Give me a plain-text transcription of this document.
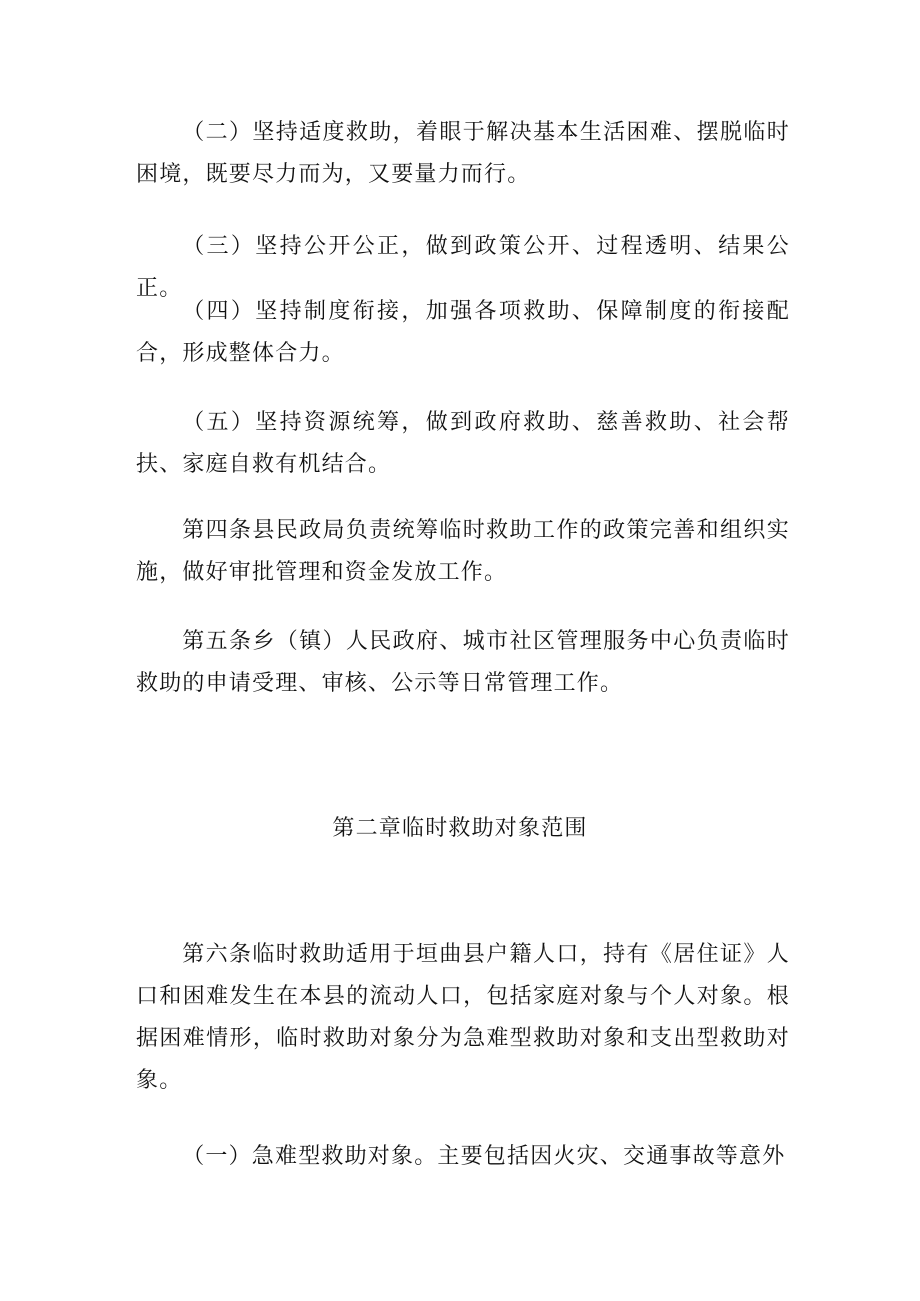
（二）坚持适度救助，着眼于解决基本生活困难、摆脱临时困境，既要尽力而为，又要量力而行。

（三）坚持公开公正，做到政策公开、过程透明、结果公正。

（四）坚持制度衔接，加强各项救助、保障制度的衔接配合，形成整体合力。

（五）坚持资源统筹，做到政府救助、慈善救助、社会帮扶、家庭自救有机结合。

第四条县民政局负责统筹临时救助工作的政策完善和组织实施，做好审批管理和资金发放工作。

第五条乡（镇）人民政府、城市社区管理服务中心负责临时救助的申请受理、审核、公示等日常管理工作。

第二章临时救助对象范围

第六条临时救助适用于垣曲县户籍人口，持有《居住证》人口和困难发生在本县的流动人口，包括家庭对象与个人对象。根据困难情形，临时救助对象分为急难型救助对象和支出型救助对象。

（一）急难型救助对象。主要包括因火灾、交通事故等意外
